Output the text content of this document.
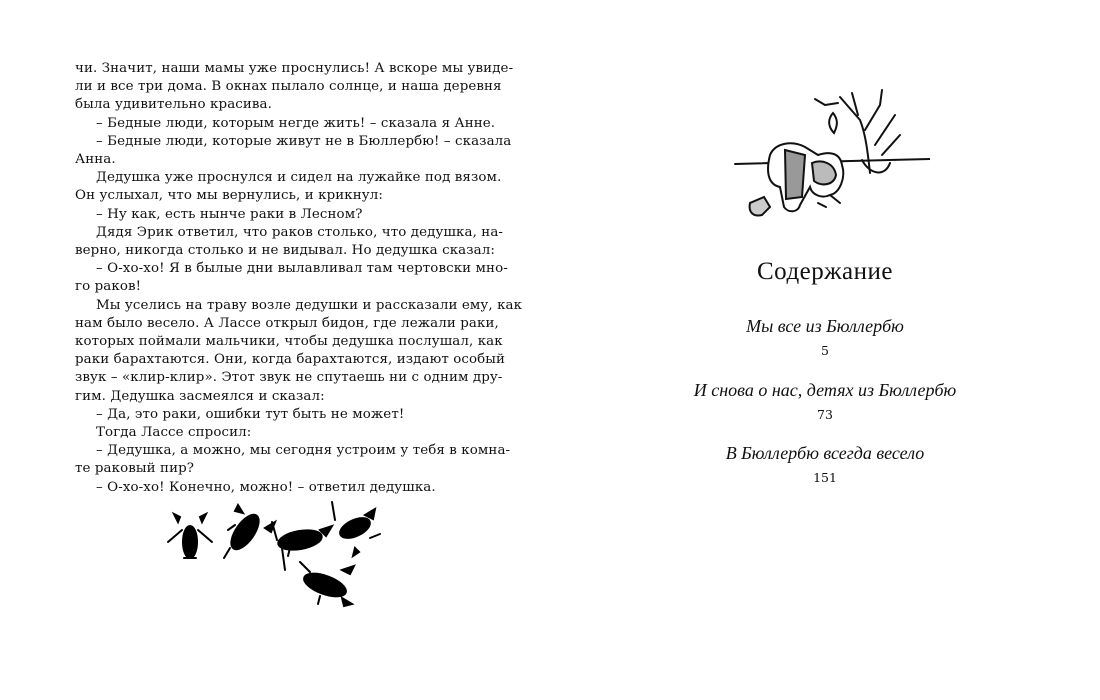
чи. Значит, наши мамы уже проснулись! А вскоре мы увиде-
ли и все три дома. В окнах пылало солнце, и наша деревня
была удивительно красива.
– Бедные люди, которым негде жить! – сказала я Анне.
– Бедные люди, которые живут не в Бюллербю! – сказала
Анна.
Дедушка уже проснулся и сидел на лужайке под вязом.
Он услыхал, что мы вернулись, и крикнул:
– Ну как, есть нынче раки в Лесном?
Дядя Эрик ответил, что раков столько, что дедушка, на-
верно, никогда столько и не видывал. Но дедушка сказал:
– О-хо-хо! Я в былые дни вылавливал там чертовски мно-
го раков!
Мы уселись на траву возле дедушки и рассказали ему, как
нам было весело. А Лассе открыл бидон, где лежали раки,
которых поймали мальчики, чтобы дедушка послушал, как
раки барахтаются. Они, когда барахтаются, издают особый
звук – «клир-клир». Этот звук не спутаешь ни с одним дру-
гим. Дедушка засмеялся и сказал:
– Да, это раки, ошибки тут быть не может!
Тогда Лассе спросил:
– Дедушка, а можно, мы сегодня устроим у тебя в комна-
те раковый пир?
– О-хо-хо! Конечно, можно! – ответил дедушка.
Содержание
Мы все из Бюллербю
5
И снова о нас, детях из Бюллербю
73
В Бюллербю всегда весело
151
